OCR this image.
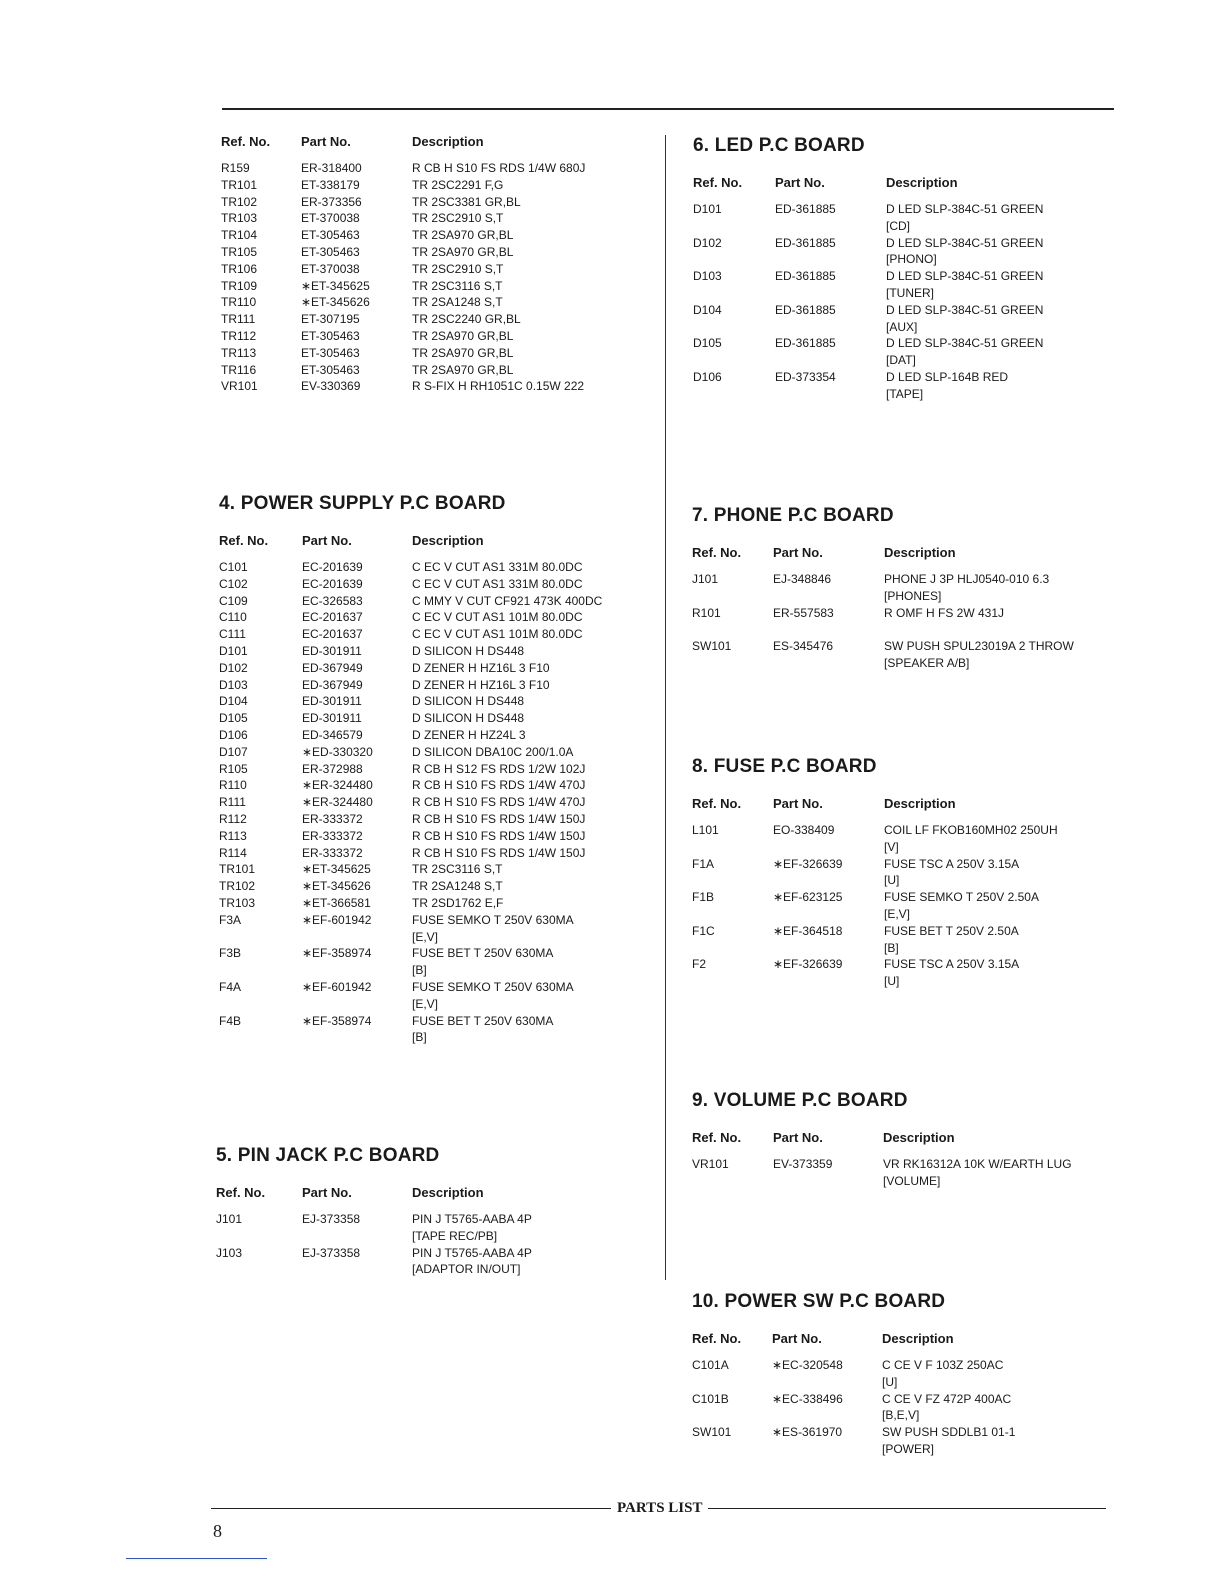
Ref. No. Part No.	Description
R159	ER-318400	R CB H S10 FS RDS 1/4W 680J
TR101	ET-338179	TR 2SC2291 F,G
TR102	ER-373356	TR 2SC3381 GR,BL
TR103	ET-370038	TR 2SC2910 S,T
TR104	ET-305463	TR 2SA970 GR,BL
TR105	ET-305463	TR 2SA970 GR,BL
TR106	ET-370038	TR 2SC2910 S,T
TR109	∗ET-345625	TR 2SC3116 S,T
TR110	∗ET-345626	TR 2SA1248 S,T
TR111	ET-307195	TR 2SC2240 GR,BL
TR112	ET-305463	TR 2SA970 GR,BL
TR113	ET-305463	TR 2SA970 GR,BL
TR116	ET-305463	TR 2SA970 GR,BL
VR101	EV-330369	R S-FIX H RH1051C 0.15W 222
4. POWER SUPPLY P.C BOARD
Ref. No.	Part No.	Description
C101	EC-201639	C EC V CUT AS1 331M 80.0DC
C102	EC-201639	C EC V CUT AS1 331M 80.0DC
C109	EC-326583	C MMY V CUT CF921 473K 400DC
C110	EC-201637	C EC V CUT AS1 101M 80.0DC
C111	EC-201637	C EC V CUT AS1 101M 80.0DC
D101	ED-301911	D SILICON H DS448
D102	ED-367949	D ZENER H HZ16L 3 F10
D103	ED-367949	D ZENER H HZ16L 3 F10
D104	ED-301911	D SILICON H DS448
D105	ED-301911	D SILICON H DS448
D106	ED-346579	D ZENER H HZ24L 3
D107	∗ED-330320	D SILICON DBA10C 200/1.0A
R105	ER-372988	R CB H S12 FS RDS 1/2W 102J
R110	∗ER-324480	R CB H S10 FS RDS 1/4W 470J
R111	∗ER-324480	R CB H S10 FS RDS 1/4W 470J
R112	ER-333372	R CB H S10 FS RDS 1/4W 150J
R113	ER-333372	R CB H S10 FS RDS 1/4W 150J
R114	ER-333372	R CB H S10 FS RDS 1/4W 150J
TR101	∗ET-345625	TR 2SC3116 S,T
TR102	∗ET-345626	TR 2SA1248 S,T
TR103	∗ET-366581	TR 2SD1762 E,F
F3A	∗EF-601942	FUSE SEMKO T 250V 630MA
[E,V]
F3B	∗EF-358974	FUSE BET T 250V 630MA
[B]
F4A	∗EF-601942	FUSE SEMKO T 250V 630MA
[E,V]
F4B	∗EF-358974	FUSE BET T 250V 630MA
[B]
5. PIN JACK P.C BOARD
Ref. No.	Part No.	Description
J101	EJ-373358	PIN J T5765-AABA 4P
[TAPE REC/PB]
J103	EJ-373358	PIN J T5765-AABA 4P
[ADAPTOR IN/OUT]
6. LED P.C BOARD
Ref. No.	Part No.	Description
D101	ED-361885	D LED SLP-384C-51 GREEN
[CD]
D102	ED-361885	D LED SLP-384C-51 GREEN
[PHONO]
D103	ED-361885	D LED SLP-384C-51 GREEN
[TUNER]
D104	ED-361885	D LED SLP-384C-51 GREEN
[AUX]
D105	ED-361885	D LED SLP-384C-51 GREEN
[DAT]
D106	ED-373354	D LED SLP-164B RED
[TAPE]
7. PHONE P.C BOARD
Ref. No. Part No.	Description
J101	EJ-348846	PHONE J 3P HLJ0540-010 6.3
[PHONES]
R101	ER-557583	R OMF H FS 2W 431J
SW101	ES-345476	SW PUSH SPUL23019A 2 THROW
[SPEAKER A/B]
8. FUSE P.C BOARD
Ref. No. Part No.	Description
L101	EO-338409	COIL LF FKOB160MH02 250UH
[V]
F1A	∗EF-326639	FUSE TSC A 250V 3.15A
[U]
F1B	∗EF-623125	FUSE SEMKO T 250V 2.50A
[E,V]
F1C	∗EF-364518	FUSE BET T 250V 2.50A
[B]
F2	∗EF-326639	FUSE TSC A 250V 3.15A
[U]
9. VOLUME P.C BOARD
Ref. No. Part No.	Description
VR101	EV-373359	VR RK16312A 10K W/EARTH LUG
[VOLUME]
10. POWER SW P.C BOARD
Ref. No. Part No.	Description
C101A	∗EC-320548	C CE V F 103Z 250AC
[U]
C101B	∗EC-338496	C CE V FZ 472P 400AC
[B,E,V]
SW101	∗ES-361970	SW PUSH SDDLB1 01-1
[POWER]
PARTS LIST
8
